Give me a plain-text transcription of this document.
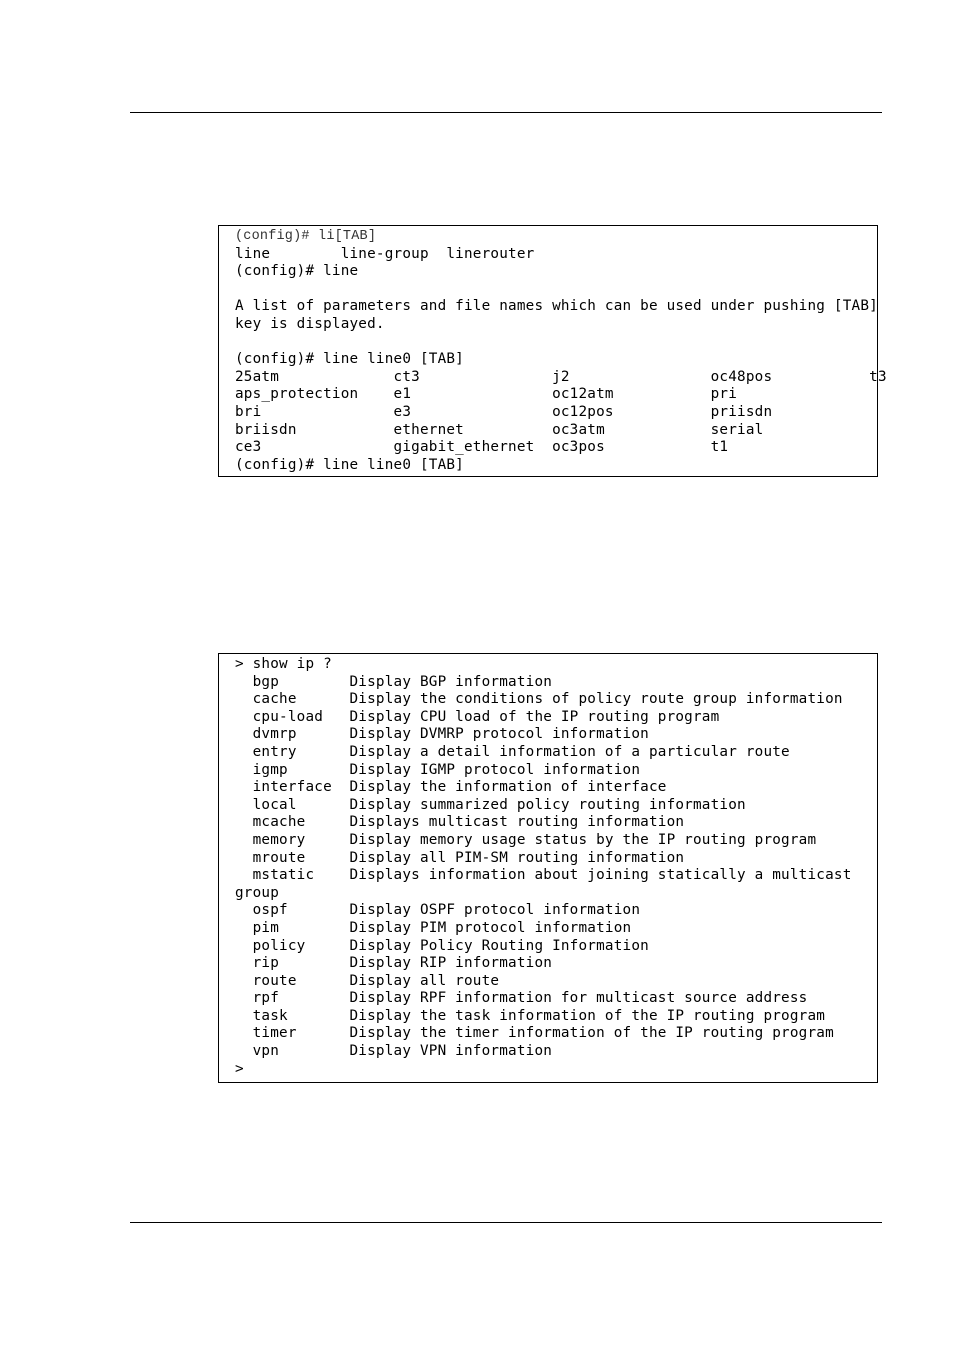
(config)# li[TAB]
line        line-group  linerouter
(config)# line
A list of parameters and file names which can be used under pushing [TAB]
key is displayed.
(config)# line line0 [TAB]
25atm             ct3               j2                oc48pos           t3
aps_protection    e1                oc12atm           pri
bri               e3                oc12pos           priisdn
briisdn           ethernet          oc3atm            serial
ce3               gigabit_ethernet  oc3pos            t1
(config)# line line0 [TAB]
> show ip ?
bgp        Display BGP information
cache      Display the conditions of policy route group information
cpu-load   Display CPU load of the IP routing program
dvmrp      Display DVMRP protocol information
entry      Display a detail information of a particular route
igmp       Display IGMP protocol information
interface  Display the information of interface
local      Display summarized policy routing information
mcache     Displays multicast routing information
memory     Display memory usage status by the IP routing program
mroute     Display all PIM-SM routing information
mstatic    Displays information about joining statically a multicast
group
ospf       Display OSPF protocol information
pim        Display PIM protocol information
policy     Display Policy Routing Information
rip        Display RIP information
route      Display all route
rpf        Display RPF information for multicast source address
task       Display the task information of the IP routing program
timer      Display the timer information of the IP routing program
vpn        Display VPN information
>
